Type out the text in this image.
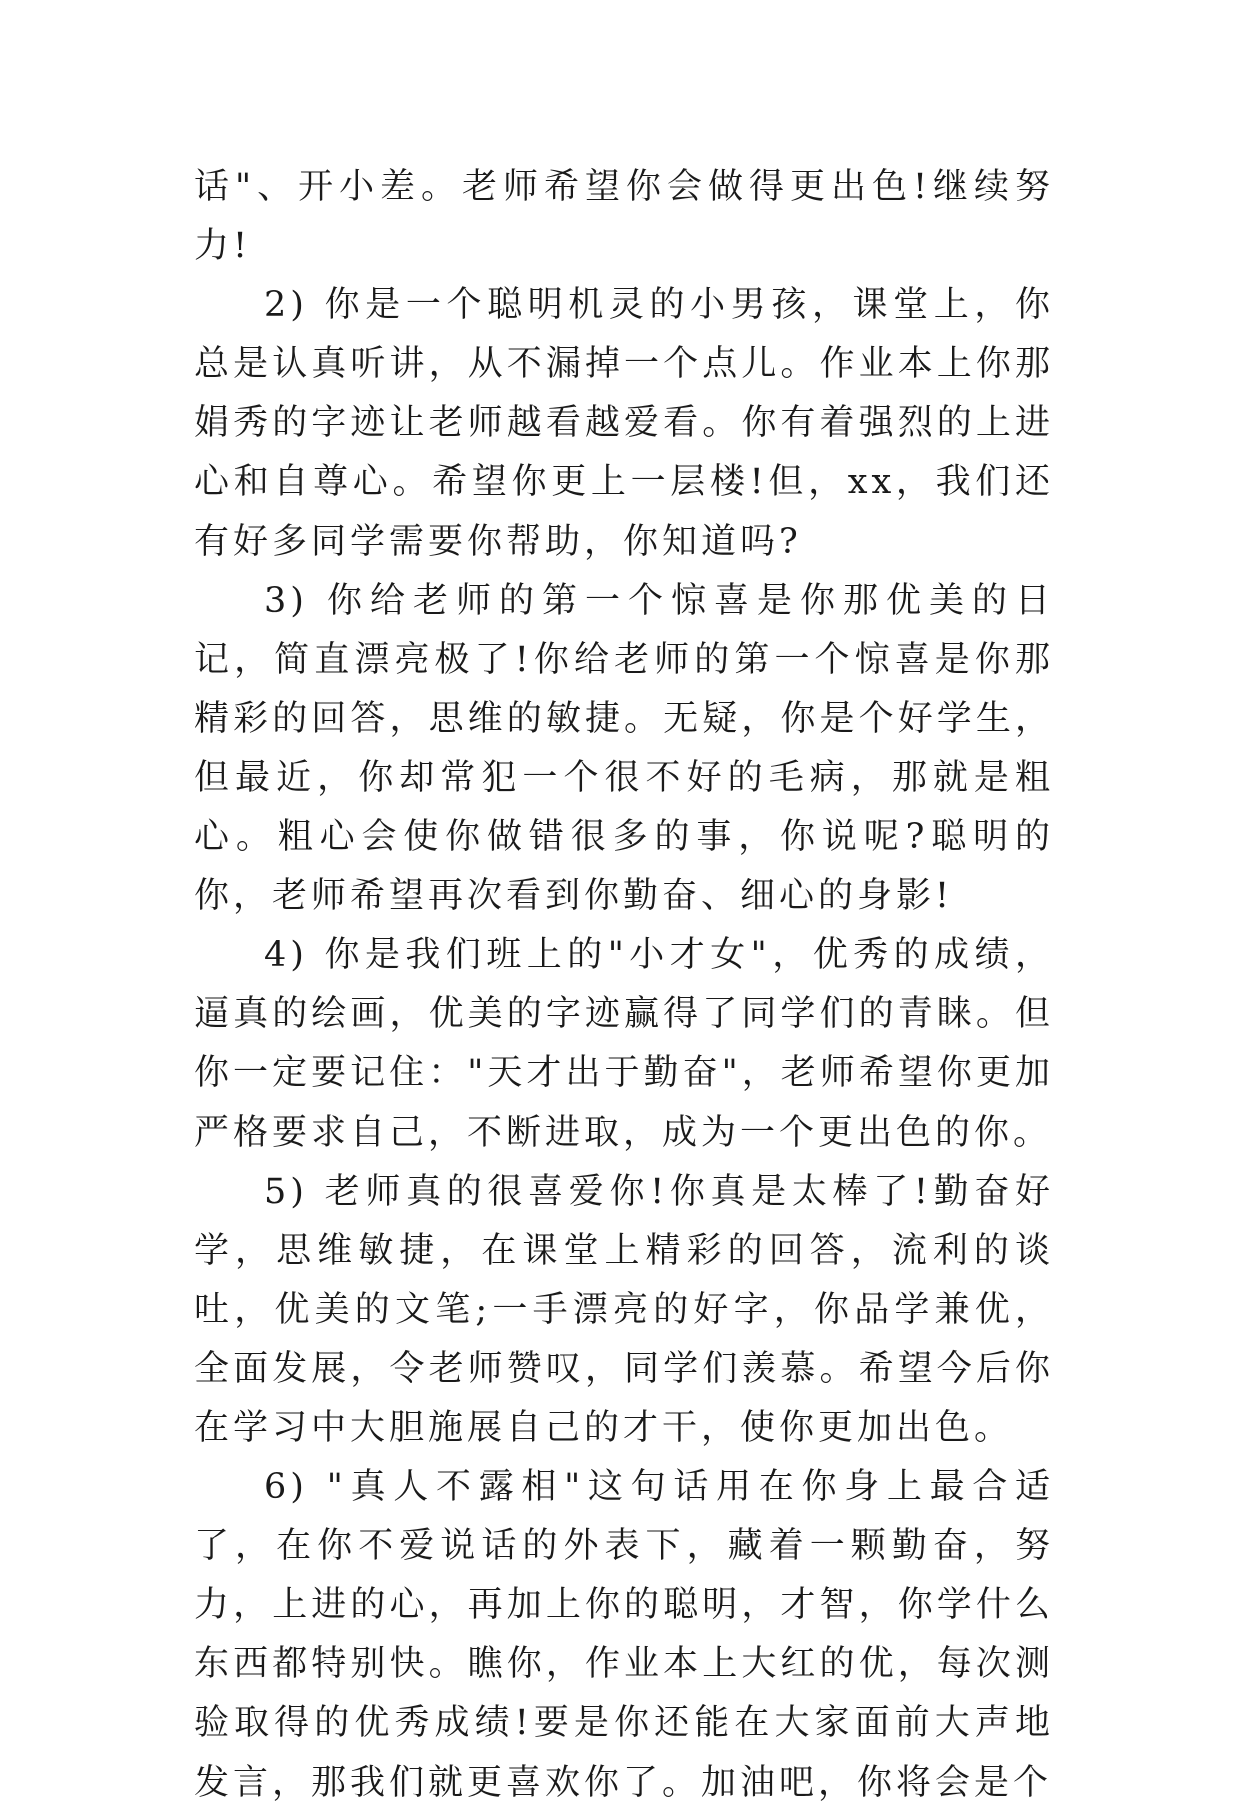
话"、开小差。老师希望你会做得更出色!继续努力!

2) 你是一个聪明机灵的小男孩，课堂上，你总是认真听讲，从不漏掉一个点儿。作业本上你那娟秀的字迹让老师越看越爱看。你有着强烈的上进心和自尊心。希望你更上一层楼!但，xx，我们还有好多同学需要你帮助，你知道吗?

3) 你给老师的第一个惊喜是你那优美的日记，简直漂亮极了!你给老师的第一个惊喜是你那精彩的回答，思维的敏捷。无疑，你是个好学生，但最近，你却常犯一个很不好的毛病，那就是粗心。粗心会使你做错很多的事，你说呢?聪明的你，老师希望再次看到你勤奋、细心的身影!

4) 你是我们班上的"小才女"，优秀的成绩，逼真的绘画，优美的字迹赢得了同学们的青睐。但你一定要记住："天才出于勤奋"，老师希望你更加严格要求自己，不断进取，成为一个更出色的你。

5) 老师真的很喜爱你!你真是太棒了!勤奋好学，思维敏捷，在课堂上精彩的回答，流利的谈吐，优美的文笔;一手漂亮的好字，你品学兼优，全面发展，令老师赞叹，同学们羡慕。希望今后你在学习中大胆施展自己的才干，使你更加出色。

6) "真人不露相"这句话用在你身上最合适了，在你不爱说话的外表下，藏着一颗勤奋，努力，上进的心，再加上你的聪明，才智，你学什么东西都特别快。瞧你，作业本上大红的优，每次测验取得的优秀成绩!要是你还能在大家面前大声地发言，那我们就更喜欢你了。加油吧，你将会是个
